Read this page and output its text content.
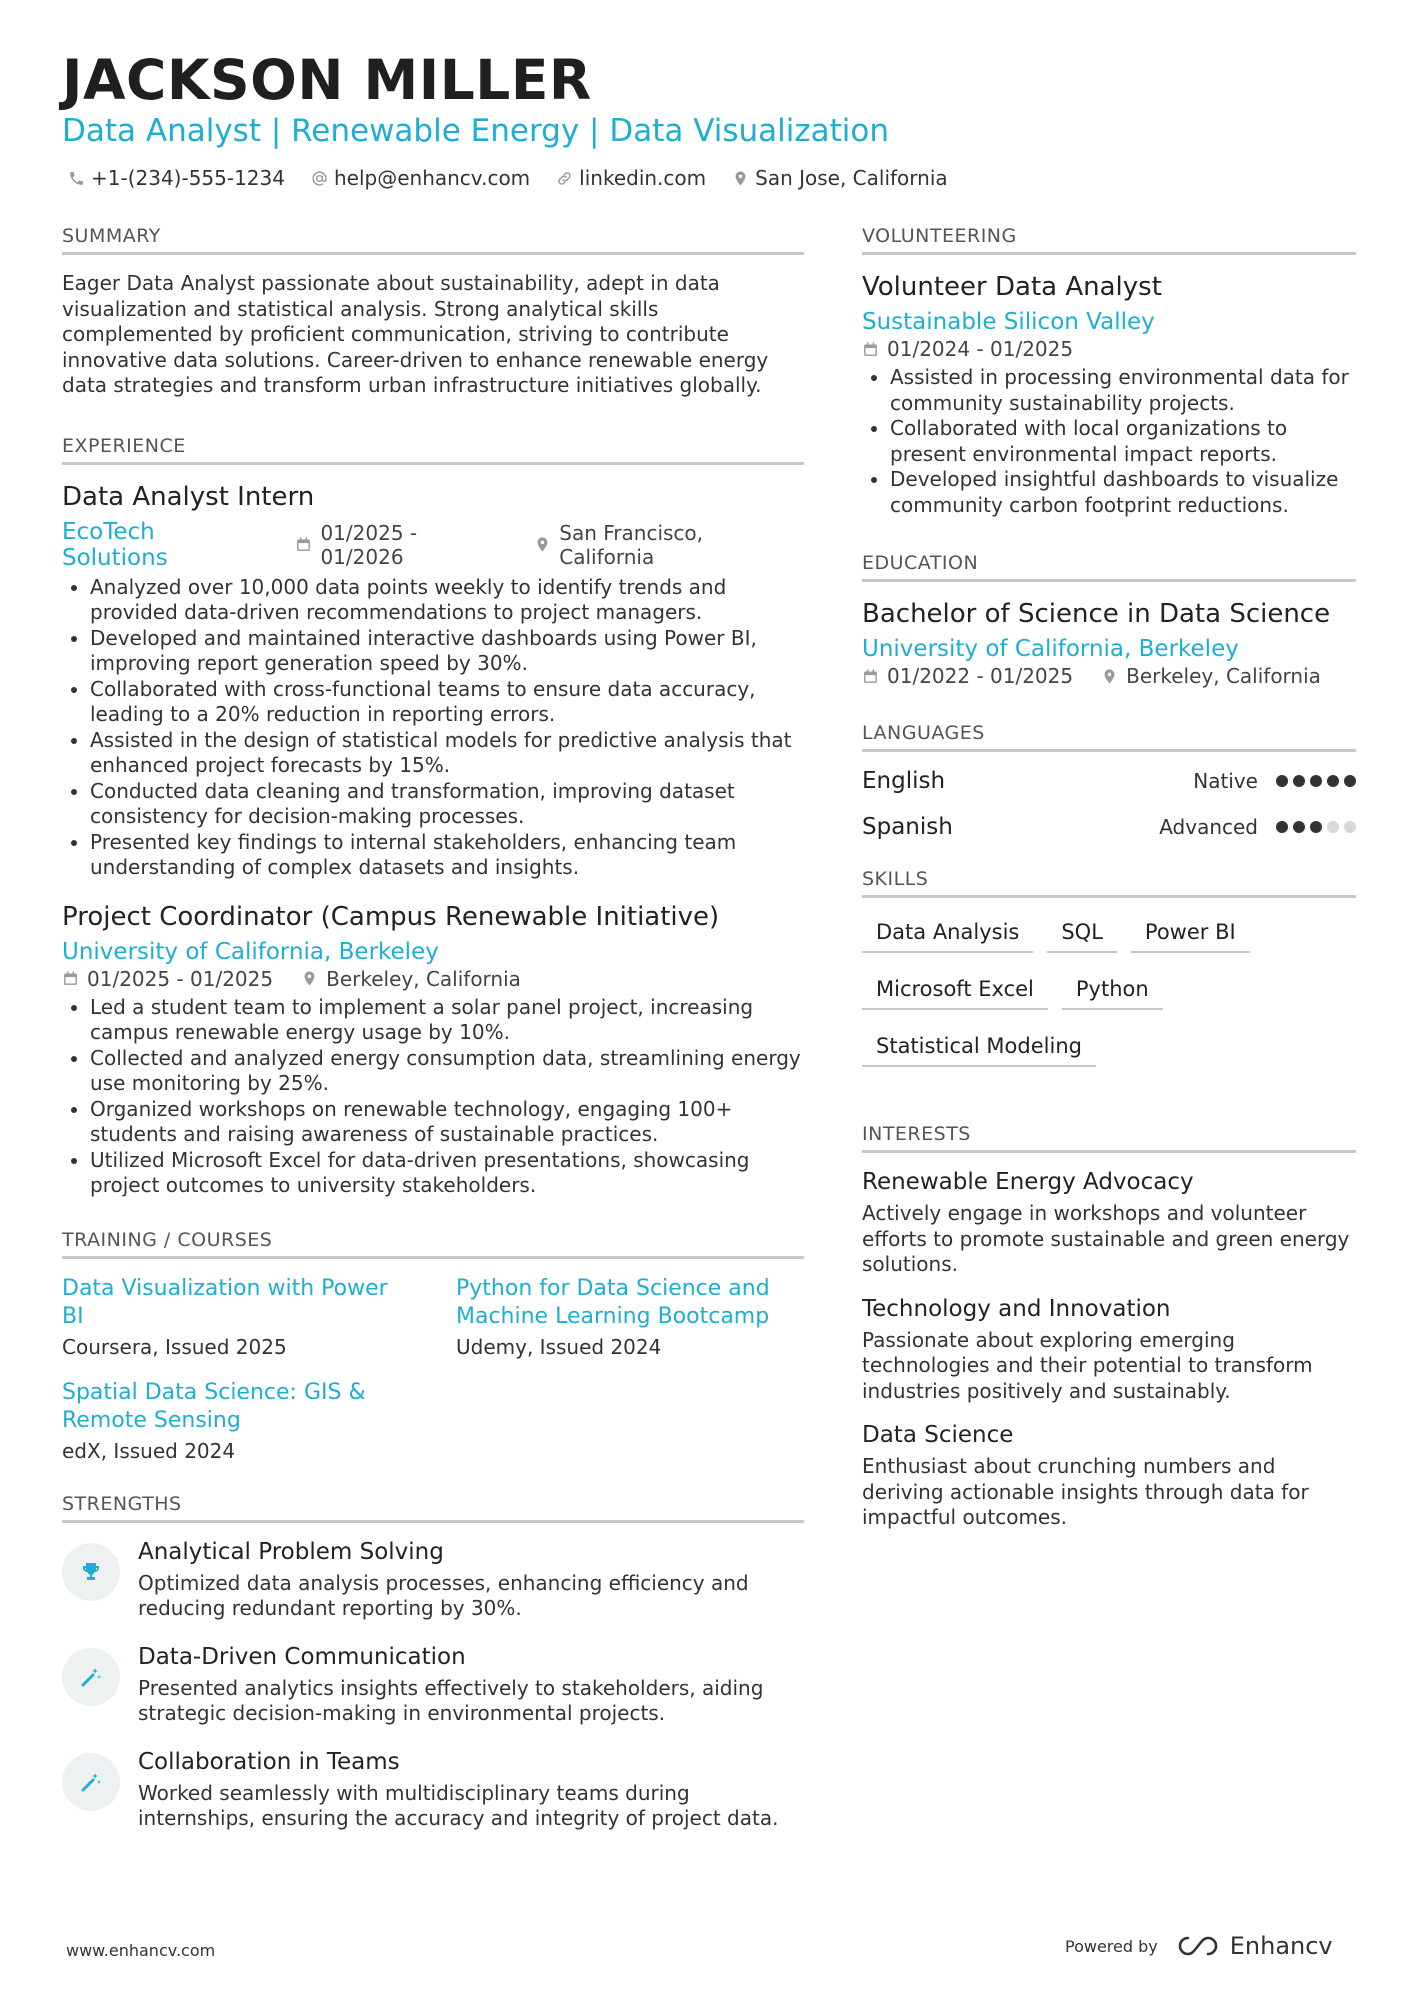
JACKSON MILLER
Data Analyst | Renewable Energy | Data Visualization
+1-(234)-555-1234 help@enhancv.com linkedin.com San Jose, California
SUMMARY

Eager Data Analyst passionate about sustainability, adept in data visualization and statistical analysis. Strong analytical skills complemented by proficient communication, striving to contribute innovative data solutions. Career-driven to enhance renewable energy data strategies and transform urban infrastructure initiatives globally.

EXPERIENCE
Data Analyst Intern
EcoTech Solutions
01/2025 - 01/2026
San Francisco, California
• Analyzed over 10,000 data points weekly to identify trends and provided data-driven recommendations to project managers.
• Developed and maintained interactive dashboards using Power BI, improving report generation speed by 30%.
• Collaborated with cross-functional teams to ensure data accuracy, leading to a 20% reduction in reporting errors.
• Assisted in the design of statistical models for predictive analysis that enhanced project forecasts by 15%.
• Conducted data cleaning and transformation, improving dataset consistency for decision-making processes.
• Presented key findings to internal stakeholders, enhancing team understanding of complex datasets and insights.
Project Coordinator (Campus Renewable Initiative)
University of California, Berkeley
01/2025 - 01/2025	Berkeley, California
• Led a student team to implement a solar panel project, increasing campus renewable energy usage by 10%.
• Collected and analyzed energy consumption data, streamlining energy use monitoring by 25%.
• Organized workshops on renewable technology, engaging 100+ students and raising awareness of sustainable practices.
• Utilized Microsoft Excel for data-driven presentations, showcasing project outcomes to university stakeholders.
TRAINING / COURSES
Data Visualization with Power BI
Coursera, Issued 2025
Python for Data Science and Machine Learning Bootcamp
Udemy, Issued 2024
Spatial Data Science: GIS & Remote Sensing
edX, Issued 2024
STRENGTHS
Analytical Problem Solving

Optimized data analysis processes, enhancing efficiency and reducing redundant reporting by 30%.

Data-Driven Communication

Presented analytics insights effectively to stakeholders, aiding strategic decision-making in environmental projects.

Collaboration in Teams

Worked seamlessly with multidisciplinary teams during internships, ensuring the accuracy and integrity of project data.

VOLUNTEERING
Volunteer Data Analyst
Sustainable Silicon Valley
01/2024 - 01/2025
• Assisted in processing environmental data for community sustainability projects.
• Collaborated with local organizations to present environmental impact reports.
• Developed insightful dashboards to visualize community carbon footprint reductions.
EDUCATION
Bachelor of Science in Data Science
University of California, Berkeley
01/2022 - 01/2025	Berkeley, California
LANGUAGES
English	Native
Spanish	Advanced
SKILLS
Data Analysis	SQL	Power BI
Microsoft Excel	Python
Statistical Modeling
INTERESTS
Renewable Energy Advocacy

Actively engage in workshops and volunteer efforts to promote sustainable and green energy solutions.

Technology and Innovation

Passionate about exploring emerging technologies and their potential to transform industries positively and sustainably.

Data Science

Enthusiast about crunching numbers and deriving actionable insights through data for impactful outcomes.

www.enhancv.com	Powered by	Enhancv
